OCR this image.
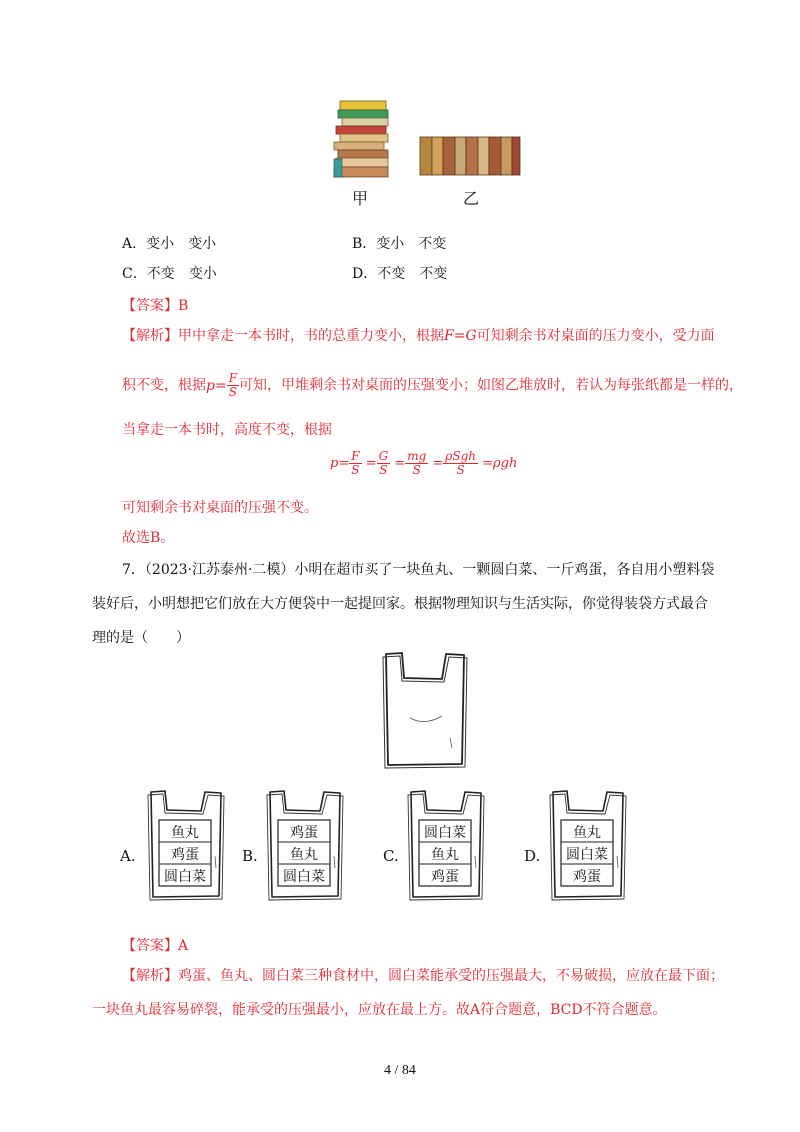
甲	乙
A．变小　变小	B．变小　不变
C．不变　变小	D．不变　不变
【答案】B
【解析】甲中拿走一本书时，书的总重力变小，根据F=G可知剩余书对桌面的压力变小，受力面
积不变，根据$p= \frac{F}{S}$ 可知，甲堆剩余书对桌面的压强变小；如图乙堆放时，若认为每张纸都是一样的，
当拿走一本书时，高度不变，根据
$p= \frac{F}{S} = \frac{G}{S} = \frac{mg}{S} = \frac{\text{ρSgh}}{S} =\rho gh$
可知剩余书对桌面的压强不变。
故选B。
7．（2023·江苏泰州·二模）小明在超市买了一块鱼丸、一颗圆白菜、一斤鸡蛋，各自用小塑料袋
装好后，小明想把它们放在大方便袋中一起提回家。根据物理知识与生活实际，你觉得装袋方式最合
理的是（　　）
A.
鱼丸
鸡蛋
圆白菜
B.
鸡蛋
鱼丸
圆白菜
C.
圆白菜
鱼丸
鸡蛋
D.
鱼丸
圆白菜
鸡蛋
【答案】A
【解析】鸡蛋、鱼丸、圆白菜三种食材中，圆白菜能承受的压强最大，不易破损，应放在最下面；
一块鱼丸最容易碎裂，能承受的压强最小，应放在最上方。故A符合题意，BCD不符合题意。
4 / 84
